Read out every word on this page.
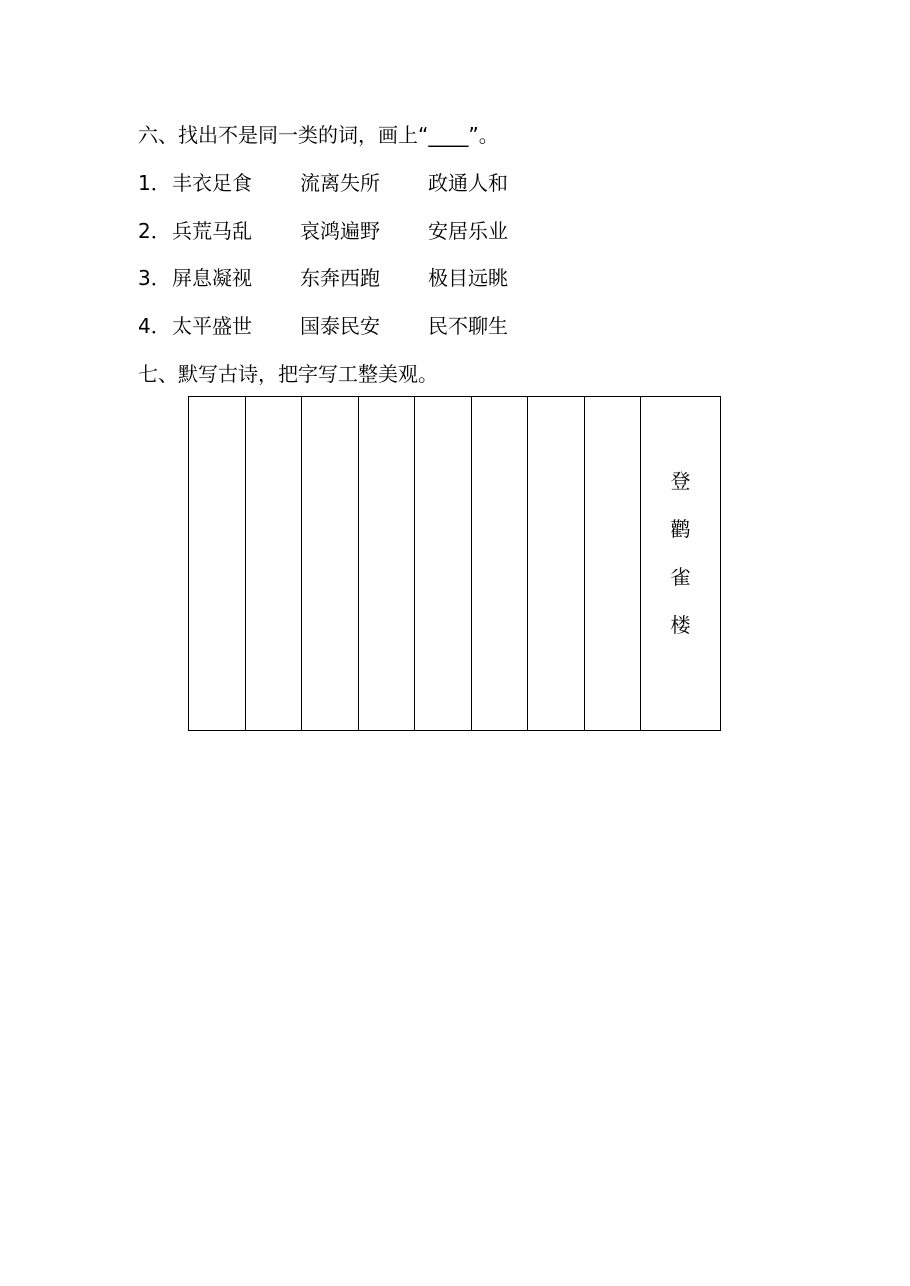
六、找出不是同一类的词，画上“____”。
1． 丰衣足食 流离失所 政通人和
2． 兵荒马乱 哀鸿遍野 安居乐业
3． 屏息凝视 东奔西跑 极目远眺
4． 太平盛世 国泰民安 民不聊生
七、默写古诗，把字写工整美观。
登
鹳
雀
楼
